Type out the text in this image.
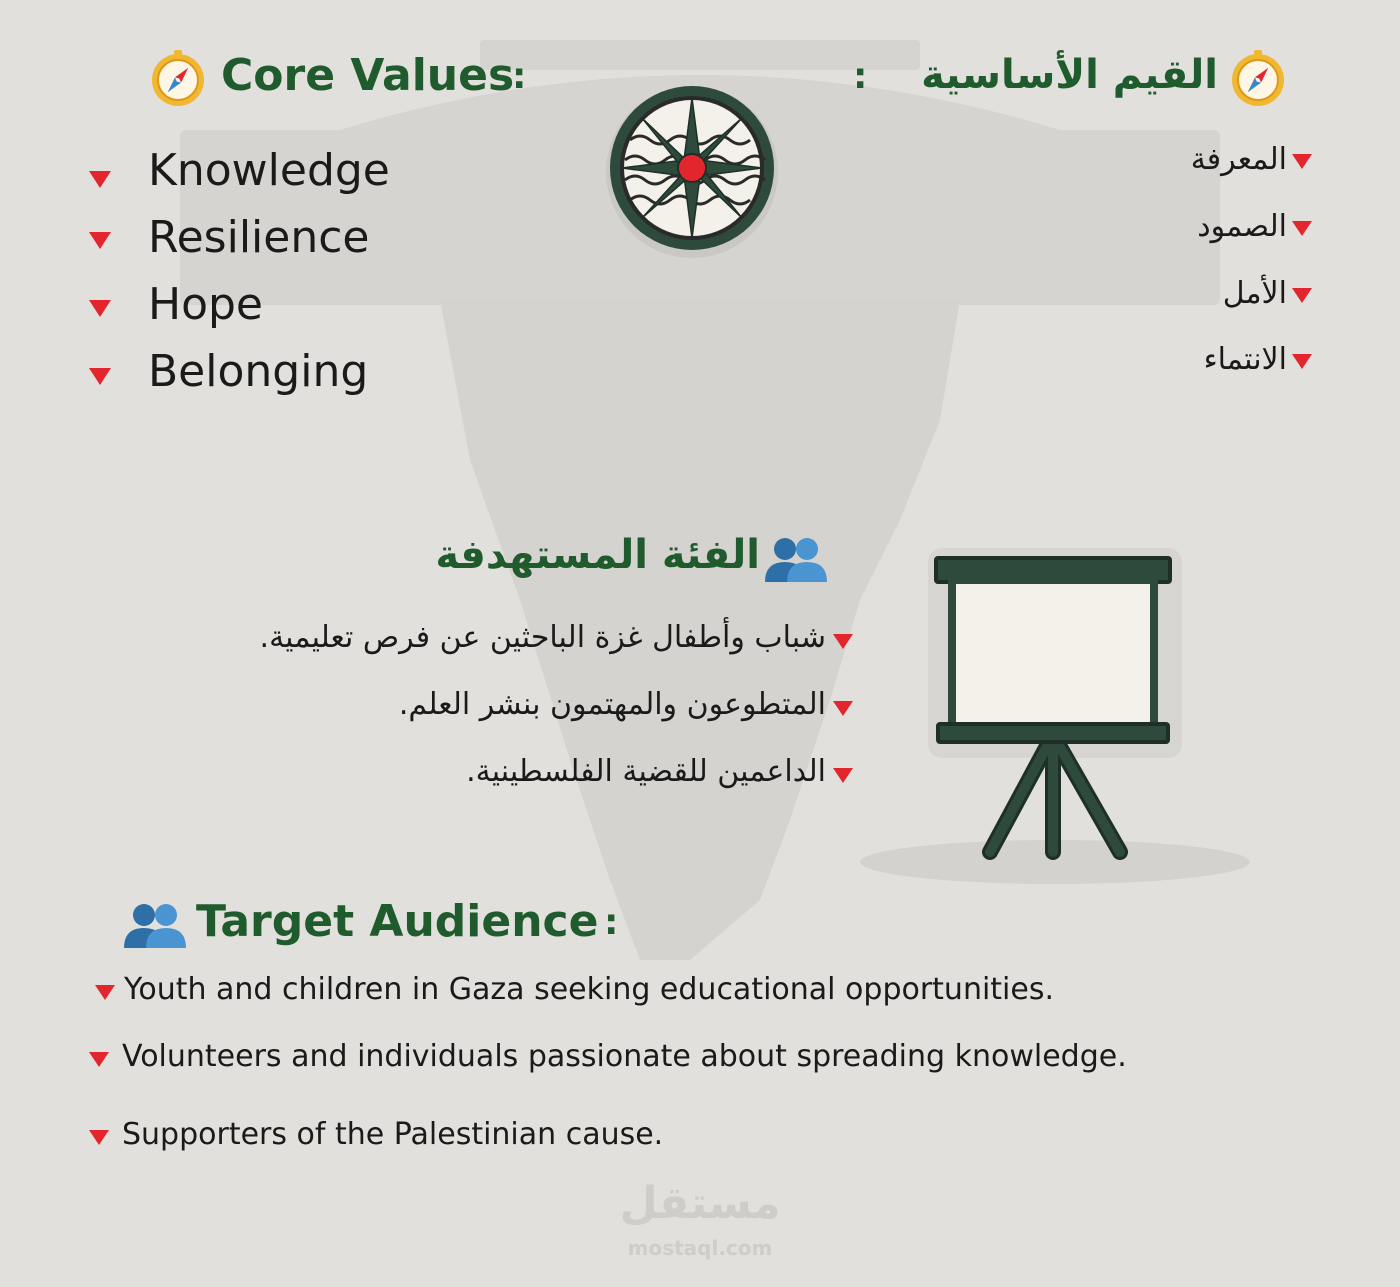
Core Values
:	القيم الأساسية
:
Knowledge
Resilience
Hope
Belonging
المعرفة
الصمود
الأمل
الانتماء
الفئة المستهدفة
شباب وأطفال غزة الباحثين عن فرص تعليمية.
المتطوعون والمهتمون بنشر العلم.
الداعمين للقضية الفلسطينية.
Target Audience :
Youth and children in Gaza seeking educational opportunities.
Volunteers and individuals passionate about spreading knowledge.
Supporters of the Palestinian cause.
مستقل
mostaql.com
